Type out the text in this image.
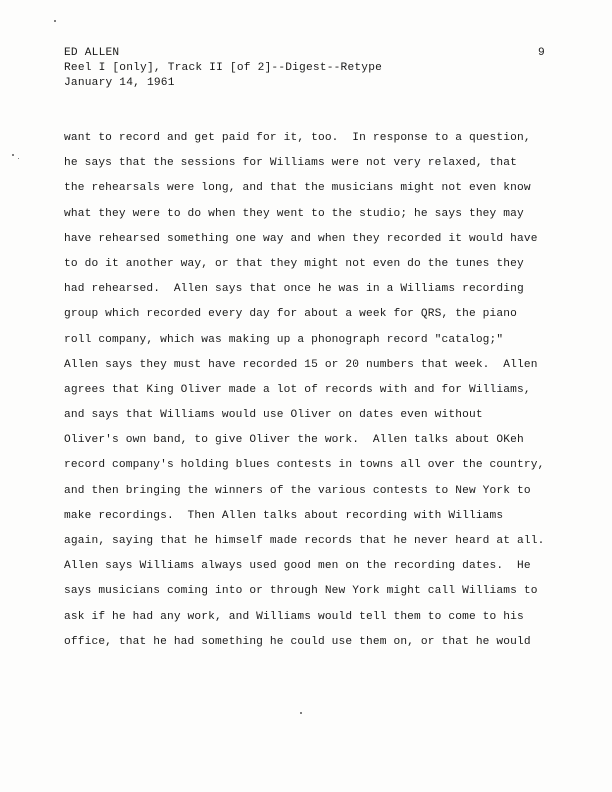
ED ALLEN
Reel I [only], Track II [of 2]--Digest--Retype
January 14, 1961
9
want to record and get paid for it, too.  In response to a question,
he says that the sessions for Williams were not very relaxed, that
the rehearsals were long, and that the musicians might not even know
what they were to do when they went to the studio; he says they may
have rehearsed something one way and when they recorded it would have
to do it another way, or that they might not even do the tunes they
had rehearsed.  Allen says that once he was in a Williams recording
group which recorded every day for about a week for QRS, the piano
roll company, which was making up a phonograph record "catalog;"
Allen says they must have recorded 15 or 20 numbers that week.  Allen
agrees that King Oliver made a lot of records with and for Williams,
and says that Williams would use Oliver on dates even without
Oliver's own band, to give Oliver the work.  Allen talks about OKeh
record company's holding blues contests in towns all over the country,
and then bringing the winners of the various contests to New York to
make recordings.  Then Allen talks about recording with Williams
again, saying that he himself made records that he never heard at all.
Allen says Williams always used good men on the recording dates.  He
says musicians coming into or through New York might call Williams to
ask if he had any work, and Williams would tell them to come to his
office, that he had something he could use them on, or that he would
